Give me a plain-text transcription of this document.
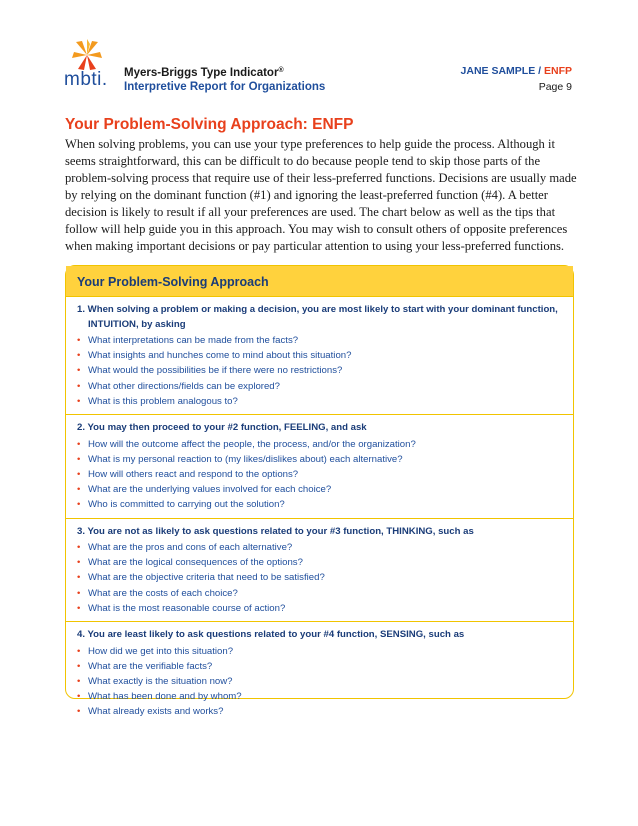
mbti. Myers-Briggs Type Indicator®
Interpretive Report for Organizations
JANE SAMPLE / ENFP
Page 9
Your Problem-Solving Approach: ENFP

When solving problems, you can use your type preferences to help guide the process. Although it seems straightforward, this can be difficult to do because people tend to skip those parts of the problem-solving process that require use of their less-preferred functions. Decisions are usually made by relying on the dominant function (#1) and ignoring the least-preferred function (#4). A better decision is likely to result if all your preferences are used. The chart below as well as the tips that follow will help guide you in this approach. You may wish to consult others of opposite preferences when making important decisions or pay particular attention to using your less-preferred functions.

Your Problem-Solving Approach
1. When solving a problem or making a decision, you are most likely to start with your dominant function,
INTUITION, by asking
• What interpretations can be made from the facts?
• What insights and hunches come to mind about this situation?
• What would the possibilities be if there were no restrictions?
• What other directions/fields can be explored?
• What is this problem analogous to?
2. You may then proceed to your #2 function, FEELING, and ask
• How will the outcome affect the people, the process, and/or the organization?
• What is my personal reaction to (my likes/dislikes about) each alternative?
• How will others react and respond to the options?
• What are the underlying values involved for each choice?
• Who is committed to carrying out the solution?
3. You are not as likely to ask questions related to your #3 function, THINKING, such as
• What are the pros and cons of each alternative?
• What are the logical consequences of the options?
• What are the objective criteria that need to be satisfied?
• What are the costs of each choice?
• What is the most reasonable course of action?
4. You are least likely to ask questions related to your #4 function, SENSING, such as
• How did we get into this situation?
• What are the verifiable facts?
• What exactly is the situation now?
• What has been done and by whom?
• What already exists and works?
